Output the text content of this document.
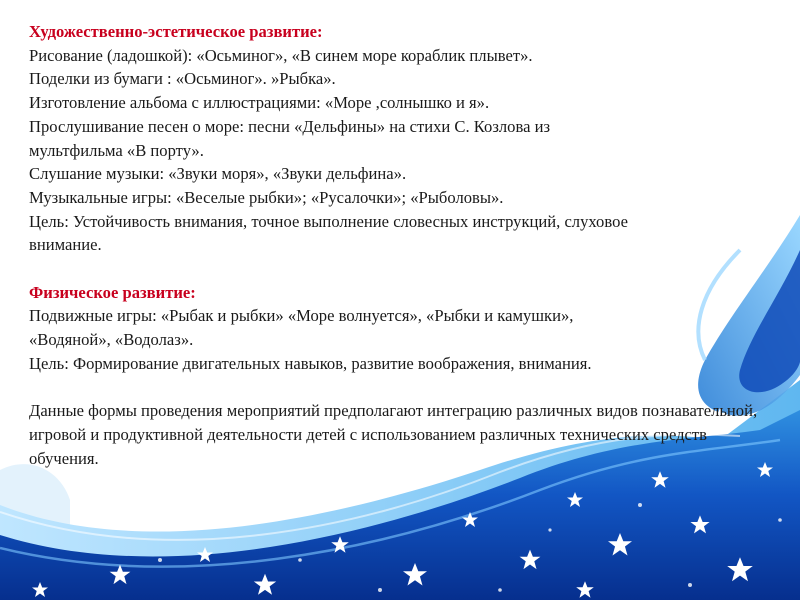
Художественно-эстетическое развитие:
Рисование (ладошкой): «Осьминог», «В синем море кораблик плывет».
Поделки из бумаги : «Осьминог». »Рыбка».
Изготовление альбома с иллюстрациями: «Море ,солнышко и я».
Прослушивание песен о море: песни «Дельфины» на стихи С. Козлова из
мультфильма «В порту».
Слушание музыки: «Звуки моря», «Звуки дельфина».
Музыкальные игры: «Веселые рыбки»; «Русалочки»; «Рыболовы».
Цель: Устойчивость внимания, точное выполнение словесных инструкций, слуховое
внимание.
Физическое развитие:
Подвижные игры: «Рыбак и рыбки» «Море волнуется», «Рыбки и камушки»,
«Водяной», «Водолаз».
Цель: Формирование двигательных навыков, развитие воображения, внимания.
Данные формы проведения мероприятий предполагают интеграцию различных видов познавательной, игровой и продуктивной деятельности детей с использованием различных технических средств обучения.
